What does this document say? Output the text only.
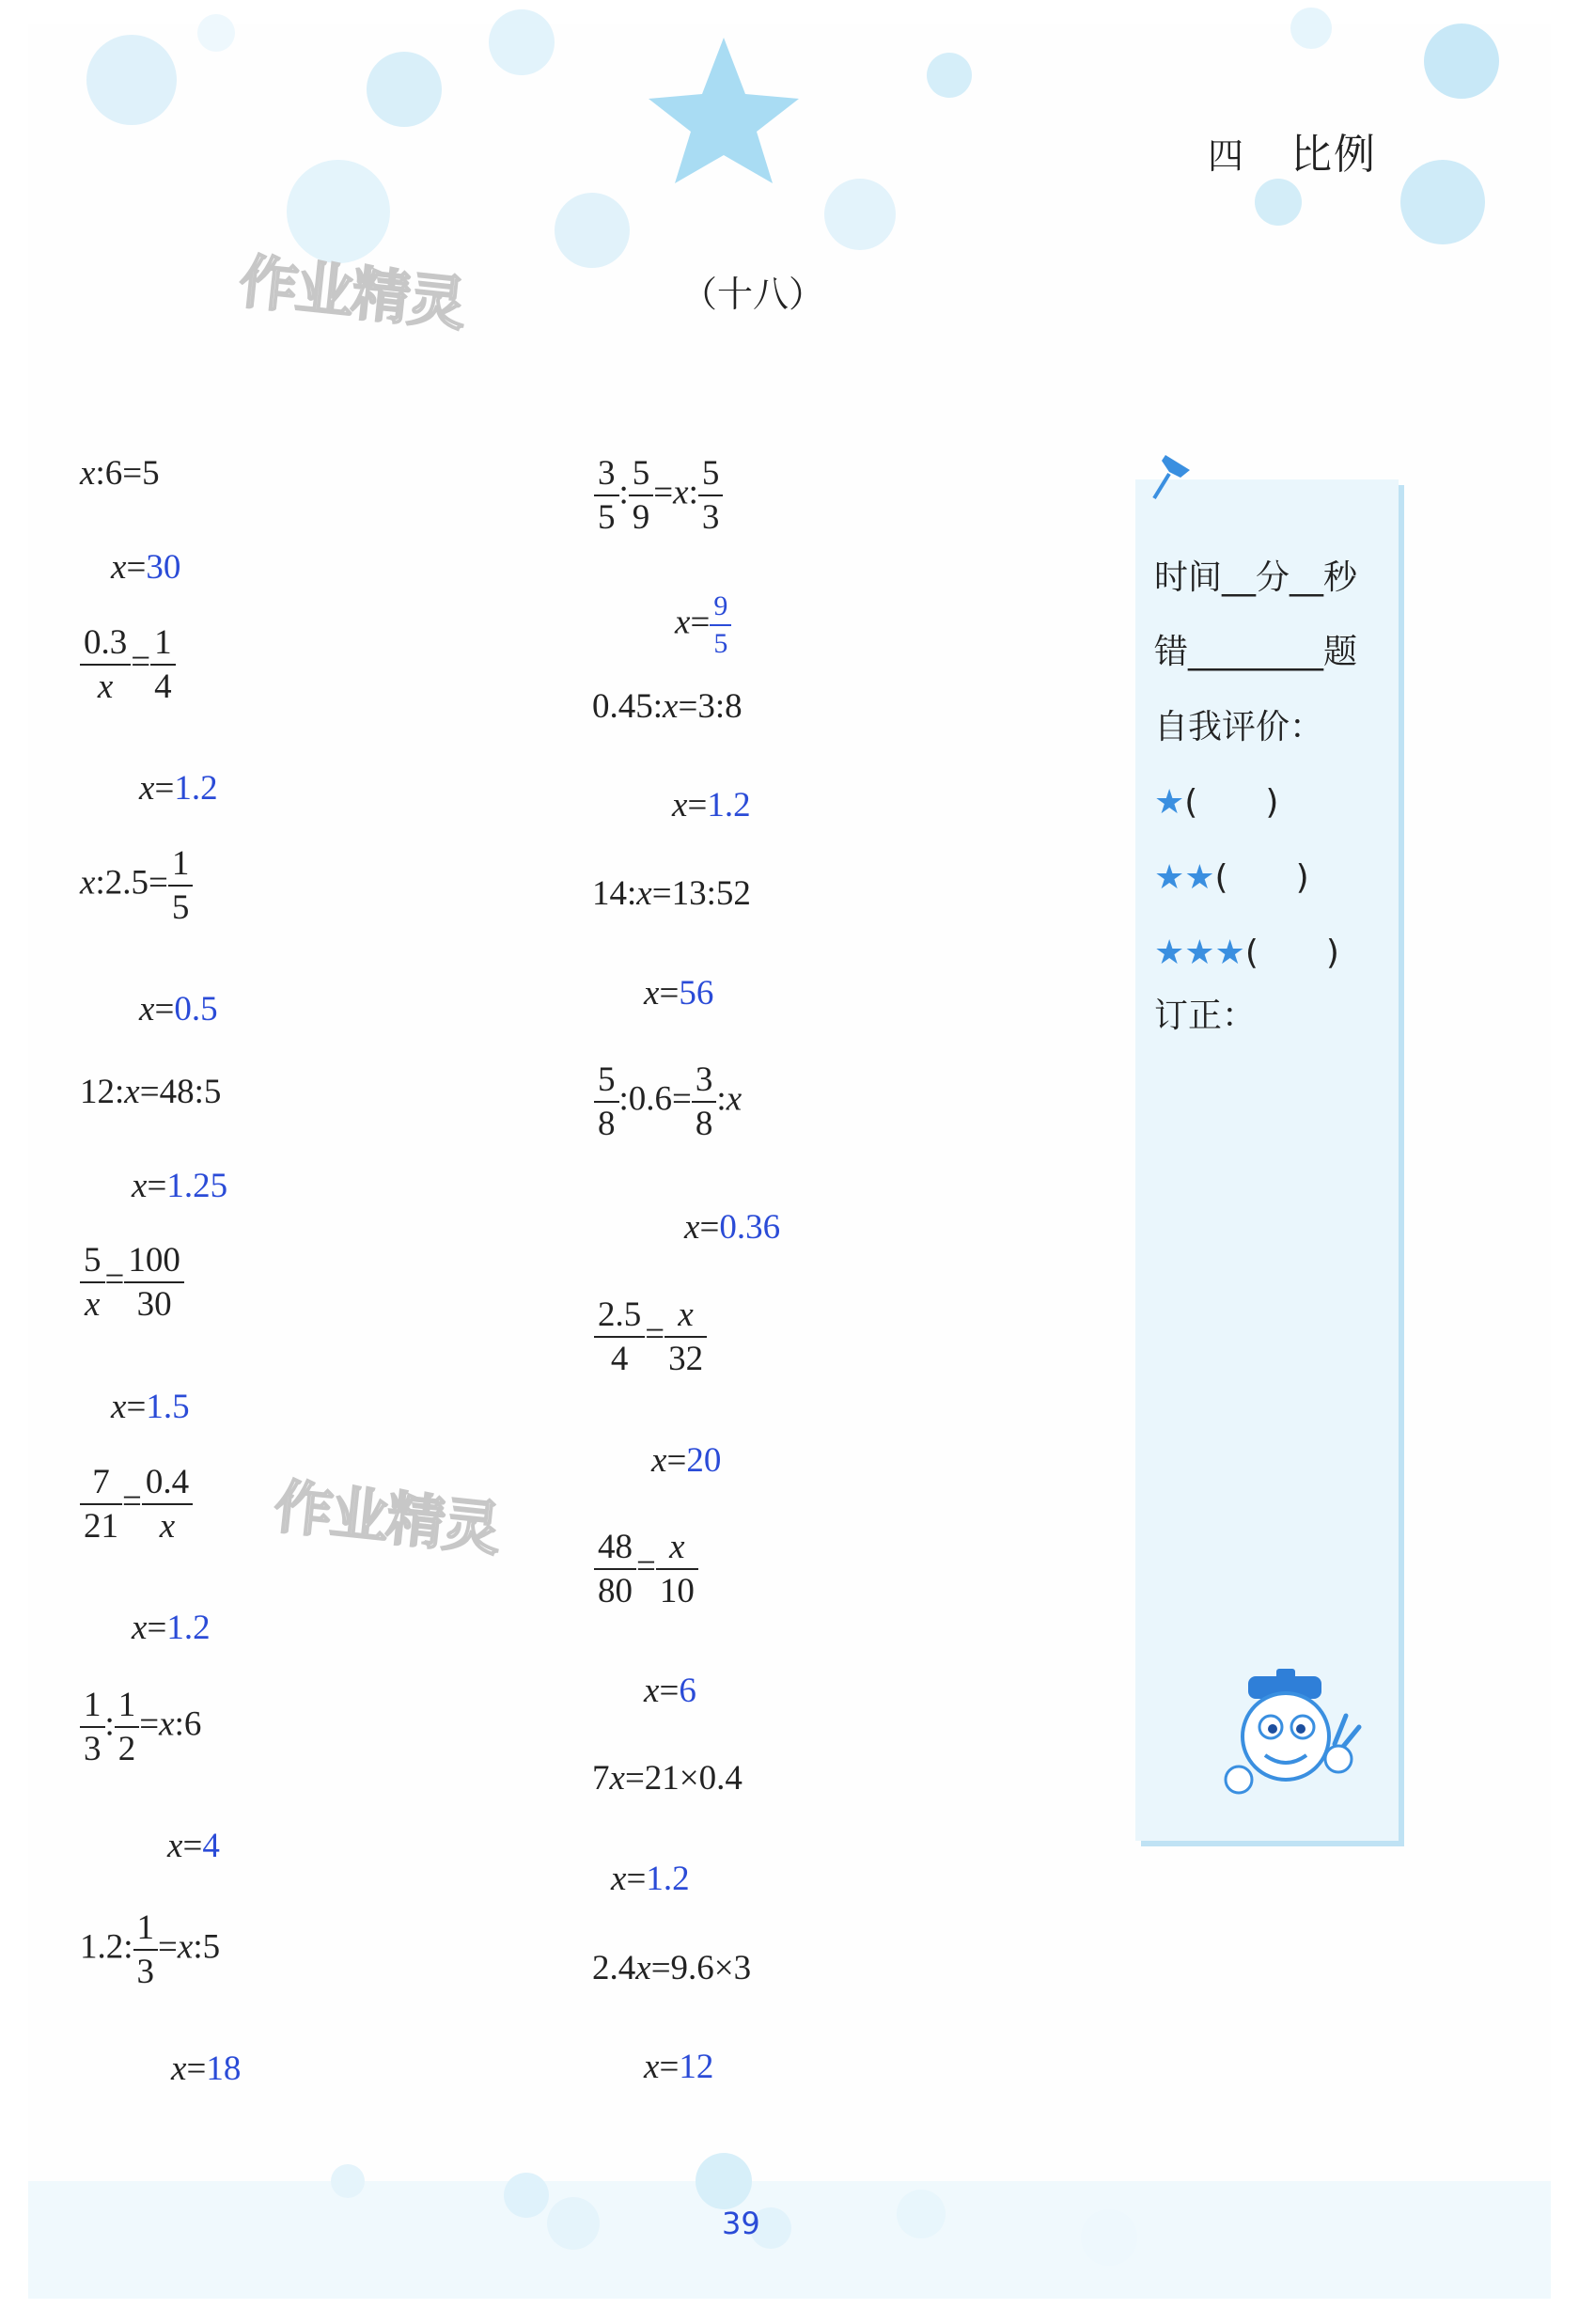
四 比例
作业精灵
作业精灵
（十八）
x:6=5
x=30
$\frac{0.3}{x} = \frac{1}{4}$
x=1.2
x:2.5= $\frac{1}{5}$
x=0.5
12:x=48:5
x=1.25
$\frac{5}{x} = \frac{100}{30}$
x=1.5
$\frac{7}{21} = \frac{0.4}{x}$
x=1.2
$\frac{1}{3}$ : $\frac{1}{2}$ =x:6
x=4
1.2: $\frac{1}{3}$ =x:5
x=18
$\frac{3}{5}$ : $\frac{5}{9} =x$: $\frac{5}{3}$
$x= \frac{9}{5}$
0.45:x=3:8
x=1.2
14:x=13:52
x=56
$\frac{5}{8}$ :0.6= $\frac{3}{8}$ :x
x=0.36
$\frac{2.5}{4} = \frac{x}{32}$
x=20
$\frac{48}{80} = \frac{x}{10}$
x=6
7x=21×0.4
x=1.2
2.4x=9.6×3
x=12
时间__分__秒
错________题
自我评价：
★(　　)
★★(　　)
★★★(　　)
订正：
39
